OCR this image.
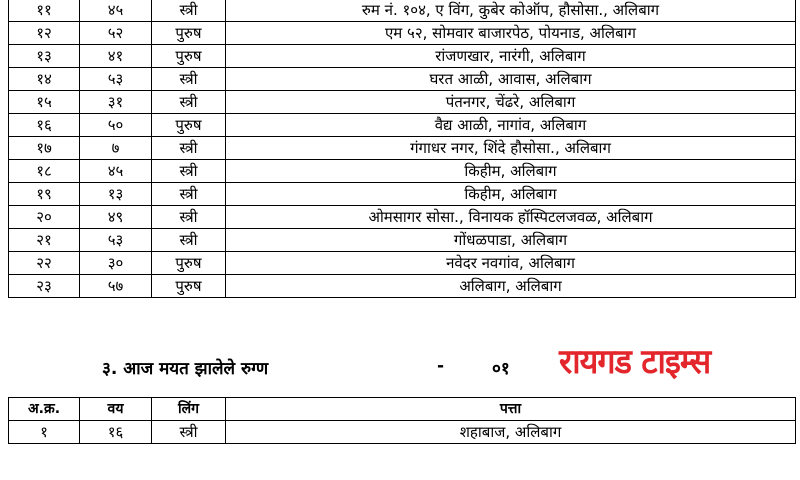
११	४५	स्त्री	रुम नं. १०४, ए विंग, कुबेर कोऑप, हौसोसा., अलिबाग
१२	५२	पुरुष	एम ५२, सोमवार बाजारपेठ, पोयनाड, अलिबाग
१३	४१	पुरुष	रांजणखार, नारंगी, अलिबाग
१४	५३	स्त्री	घरत आळी, आवास, अलिबाग
१५	३१	स्त्री	पंतनगर, चेंढरे, अलिबाग
१६	५०	पुरुष	वैद्य आळी, नागांव, अलिबाग
१७	७	स्त्री	गंगाधर नगर, शिंदे हौसोसा., अलिबाग
१८	४५	स्त्री	किहीम, अलिबाग
१९	१३	स्त्री	किहीम, अलिबाग
२०	४९	स्त्री	ओमसागर सोसा., विनायक हॉस्पिटलजवळ, अलिबाग
२१	५३	स्त्री	गोंधळपाडा, अलिबाग
२२	३०	पुरुष	नवेदर नवगांव, अलिबाग
२३	५७	पुरुष	अलिबाग, अलिबाग
३. आज मयत झालेले रुग्ण	-	०१ रायगड टाइम्स
अ.क्र.	वय	लिंग	पत्ता
१	१६	स्त्री	शहाबाज, अलिबाग
